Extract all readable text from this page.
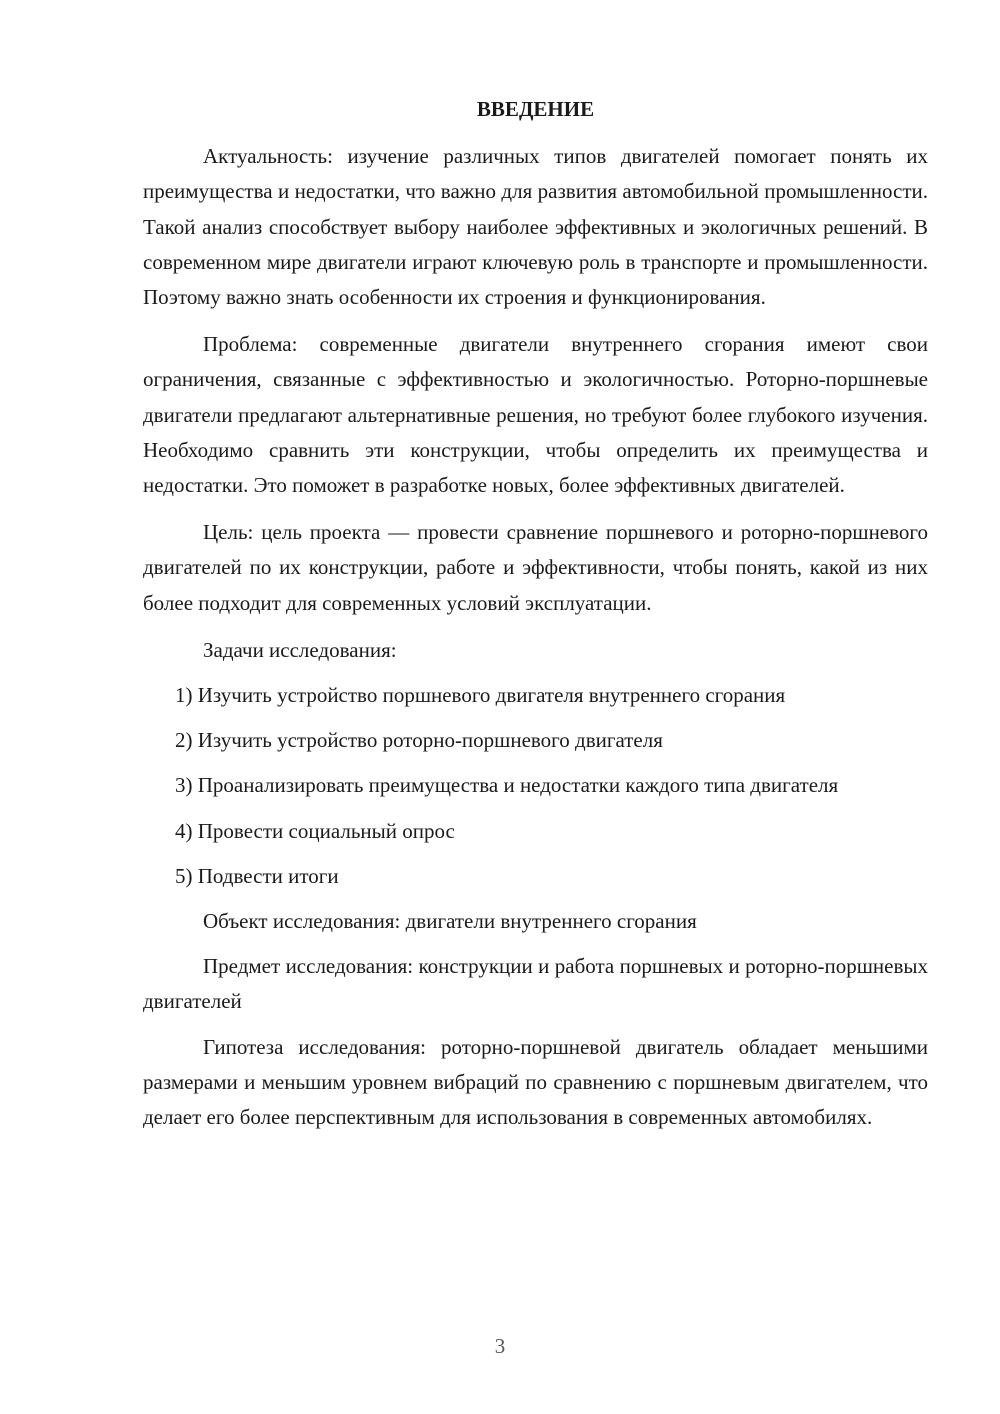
ВВЕДЕНИЕ

Актуальность: изучение различных типов двигателей помогает понять их преимущества и недостатки, что важно для развития автомобильной промышленности. Такой анализ способствует выбору наиболее эффективных и экологичных решений. В современном мире двигатели играют ключевую роль в транспорте и промышленности. Поэтому важно знать особенности их строения и функционирования.

Проблема: современные двигатели внутреннего сгорания имеют свои ограничения, связанные с эффективностью и экологичностью. Роторно-поршневые двигатели предлагают альтернативные решения, но требуют более глубокого изучения. Необходимо сравнить эти конструкции, чтобы определить их преимущества и недостатки. Это поможет в разработке новых, более эффективных двигателей.

Цель: цель проекта — провести сравнение поршневого и роторно-поршневого двигателей по их конструкции, работе и эффективности, чтобы понять, какой из них более подходит для современных условий эксплуатации.

Задачи исследования:

1) Изучить устройство поршневого двигателя внутреннего сгорания

2) Изучить устройство роторно-поршневого двигателя

3) Проанализировать преимущества и недостатки каждого типа двигателя

4) Провести социальный опрос

5) Подвести итоги

Объект исследования: двигатели внутреннего сгорания

Предмет исследования: конструкции и работа поршневых и роторно-поршневых двигателей

Гипотеза исследования: роторно-поршневой двигатель обладает меньшими размерами и меньшим уровнем вибраций по сравнению с поршневым двигателем, что делает его более перспективным для использования в современных автомобилях.

3
